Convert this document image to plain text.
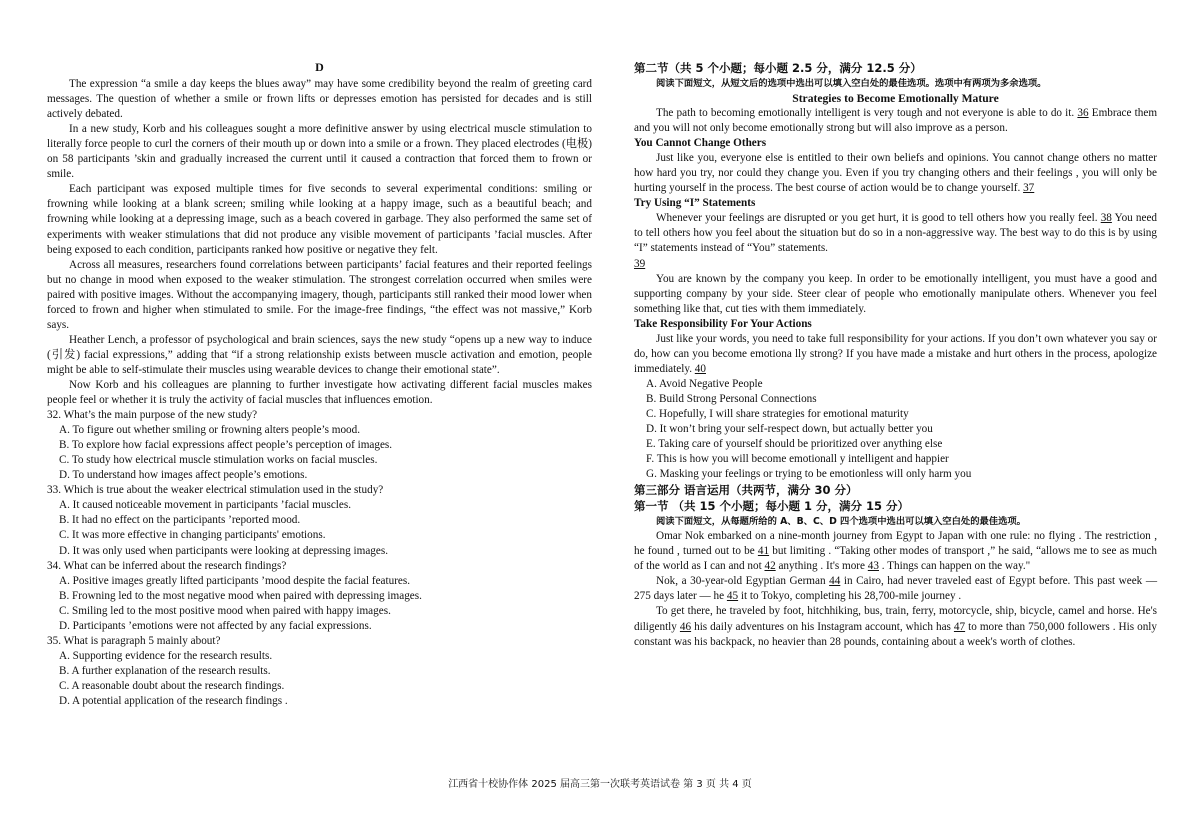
D

The expression “a smile a day keeps the blues away” may have some credibility beyond the realm of greeting card messages. The question of whether a smile or frown lifts or depresses emotion has persisted for decades and is still actively debated.

In a new study, Korb and his colleagues sought a more definitive answer by using electrical muscle stimulation to literally force people to curl the corners of their mouth up or down into a smile or a frown. They placed electrodes (电极) on 58 participants ’skin and gradually increased the current until it caused a contraction that forced them to frown or smile.

Each participant was exposed multiple times for five seconds to several experimental conditions: smiling or frowning while looking at a blank screen; smiling while looking at a happy image, such as a beautiful beach; and frowning while looking at a depressing image, such as a beach covered in garbage. They also performed the same set of experiments with weaker stimulations that did not produce any visible movement of participants ’facial muscles. After being exposed to each condition, participants ranked how positive or negative they felt.

Across all measures, researchers found correlations between participants’ facial features and their reported feelings but no change in mood when exposed to the weaker stimulation. The strongest correlation occurred when smiles were paired with positive images. Without the accompanying imagery, though, participants still ranked their mood lower when forced to frown and higher when stimulated to smile. For the image-free findings, “the effect was not massive,” Korb says.

Heather Lench, a professor of psychological and brain sciences, says the new study “opens up a new way to induce (引发) facial expressions,” adding that “if a strong relationship exists between muscle activation and emotion, people might be able to self-stimulate their muscles using wearable devices to change their emotional state”.

Now Korb and his colleagues are planning to further investigate how activating different facial muscles makes people feel or whether it is truly the activity of facial muscles that influences emotion.

32. What’s the main purpose of the new study?

A. To figure out whether smiling or frowning alters people’s mood.

B. To explore how facial expressions affect people’s perception of images.

C. To study how electrical muscle stimulation works on facial muscles.

D. To understand how images affect people’s emotions.

33. Which is true about the weaker electrical stimulation used in the study?

A. It caused noticeable movement in participants ’facial muscles.

B. It had no effect on the participants ’reported mood.

C. It was more effective in changing participants' emotions.

D. It was only used when participants were looking at depressing images.

34. What can be inferred about the research findings?

A. Positive images greatly lifted participants ’mood despite the facial features.

B. Frowning led to the most negative mood when paired with depressing images.

C. Smiling led to the most positive mood when paired with happy images.

D. Participants ’emotions were not affected by any facial expressions.

35. What is paragraph 5 mainly about?

A. Supporting evidence for the research results.

B. A further explanation of the research results.

C. A reasonable doubt about the research findings.

D. A potential application of the research findings .

第二节（共 5 个小题；每小题 2.5 分，满分 12.5 分）
阅读下面短文，从短文后的选项中选出可以填入空白处的最佳选项。选项中有两项为多余选项。
Strategies to Become Emotionally Mature

The path to becoming emotionally intelligent is very tough and not everyone is able to do it. 36 Embrace them and you will not only become emotionally strong but will also improve as a person.

You Cannot Change Others

Just like you, everyone else is entitled to their own beliefs and opinions. You cannot change others no matter how hard you try, nor could they change you. Even if you try changing others and their feelings , you will only be hurting yourself in the process. The best course of action would be to change yourself. 37

Try Using “I” Statements

Whenever your feelings are disrupted or you get hurt, it is good to tell others how you really feel. 38 You need to tell others how you feel about the situation but do so in a non-aggressive way. The best way to do this is by using “I” statements instead of “You” statements.

39

You are known by the company you keep. In order to be emotionally intelligent, you must have a good and supporting company by your side. Steer clear of people who emotionally manipulate others. Whenever you feel something like that, cut ties with them immediately.

Take Responsibility For Your Actions

Just like your words, you need to take full responsibility for your actions. If you don’t own whatever you say or do, how can you become emotiona lly strong? If you have made a mistake and hurt others in the process, apologize immediately. 40

A. Avoid Negative People

B. Build Strong Personal Connections

C. Hopefully, I will share strategies for emotional maturity

D. It won’t bring your self-respect down, but actually better you

E. Taking care of yourself should be prioritized over anything else

F. This is how you will become emotionall y intelligent and happier

G. Masking your feelings or trying to be emotionless will only harm you

第三部分 语言运用（共两节，满分 30 分）
第一节 （共 15 个小题；每小题 1 分，满分 15 分）
阅读下面短文，从每题所给的 A、B、C、D 四个选项中选出可以填入空白处的最佳选项。

Omar Nok embarked on a nine-month journey from Egypt to Japan with one rule: no flying . The restriction , he found , turned out to be 41 but limiting . “Taking other modes of transport ,” he said, “allows me to see as much of the world as I can and not 42 anything . It's more 43 . Things can happen on the way."

Nok, a 30-year-old Egyptian German 44 in Cairo, had never traveled east of Egypt before. This past week — 275 days later — he 45 it to Tokyo, completing his 28,700-mile journey .

To get there, he traveled by foot, hitchhiking, bus, train, ferry, motorcycle, ship, bicycle, camel and horse. He's diligently 46 his daily adventures on his Instagram account, which has 47 to more than 750,000 followers . His only constant was his backpack, no heavier than 28 pounds, containing about a week's worth of clothes.

江西省十校协作体 2025 届高三第一次联考英语试卷 第 3 页 共 4 页
